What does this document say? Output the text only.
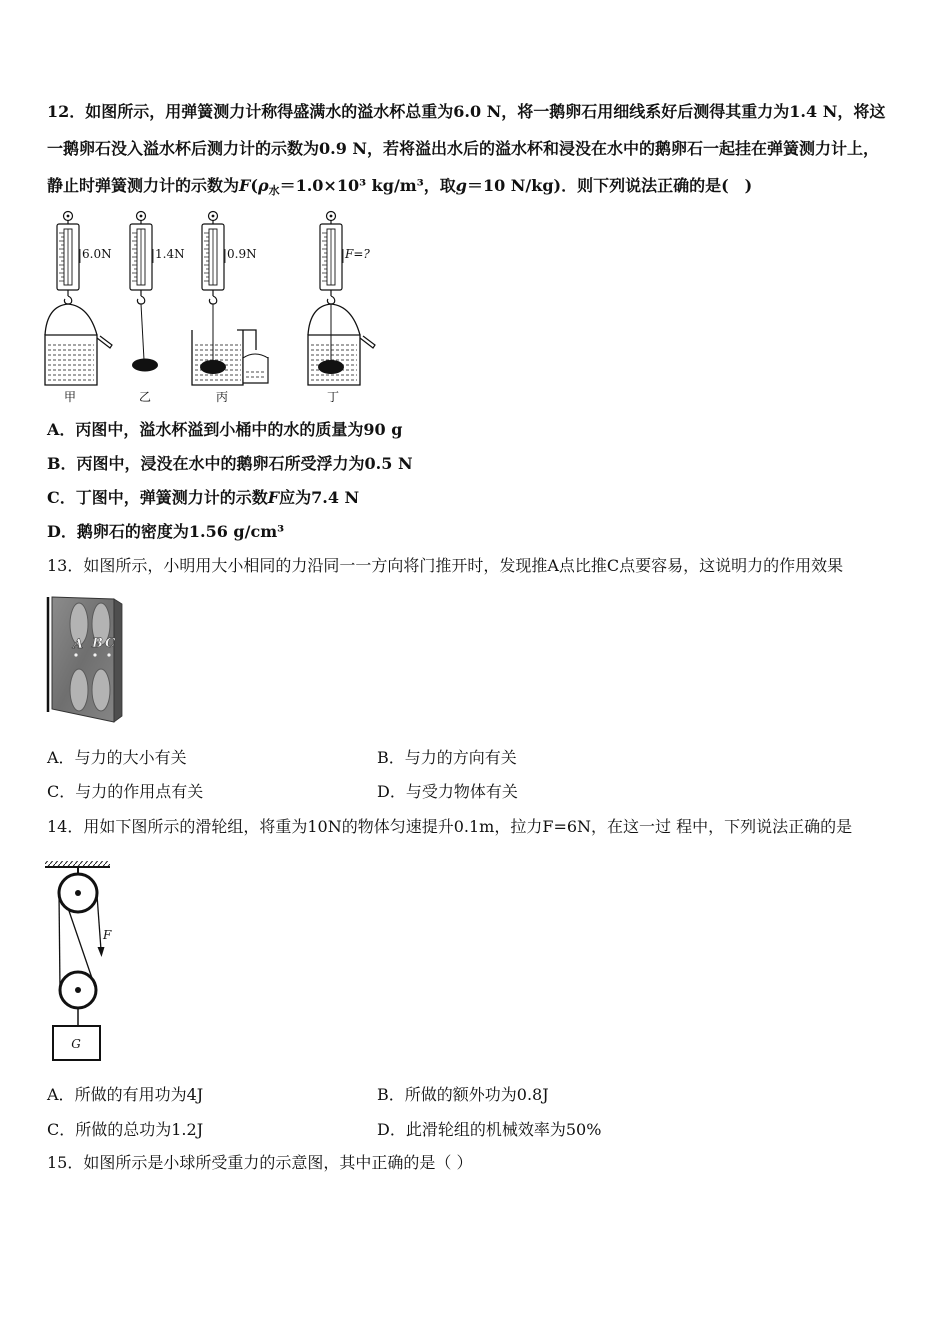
12．如图所示，用弹簧测力计称得盛满水的溢水杯总重为6.0 N，将一鹅卵石用细线系好后测得其重力为1.4 N，将这
一鹅卵石没入溢水杯后测力计的示数为0.9 N，若将溢出水后的溢水杯和浸没在水中的鹅卵石一起挂在弹簧测力计上，
静止时弹簧测力计的示数为$F(\rho_水=1.0\times 10^3$ kg/m³，取g＝10 N/kg)．则下列说法正确的是(　)
6.0N	1.4N	0.9N	F=?
甲	乙	丙	丁
A．丙图中，溢水杯溢到小桶中的水的质量为90 g
B．丙图中，浸没在水中的鹅卵石所受浮力为0.5 N
C．丁图中，弹簧测力计的示数F应为7.4 N
D．鹅卵石的密度为1.56 g/cm³
13．如图所示，小明用大小相同的力沿同一一方向将门推开时，发现推A点比推C点要容易，这说明力的作用效果
A B C
A．与力的大小有关	B．与力的方向有关
C．与力的作用点有关	D．与受力物体有关
14．用如下图所示的滑轮组，将重为10N的物体匀速提升0.1m，拉力F=6N，在这一过 程中，下列说法正确的是
F
G
A．所做的有用功为4J	B．所做的额外功为0.8J
C．所做的总功为1.2J	D．此滑轮组的机械效率为50%
15．如图所示是小球所受重力的示意图，其中正确的是（ ）
